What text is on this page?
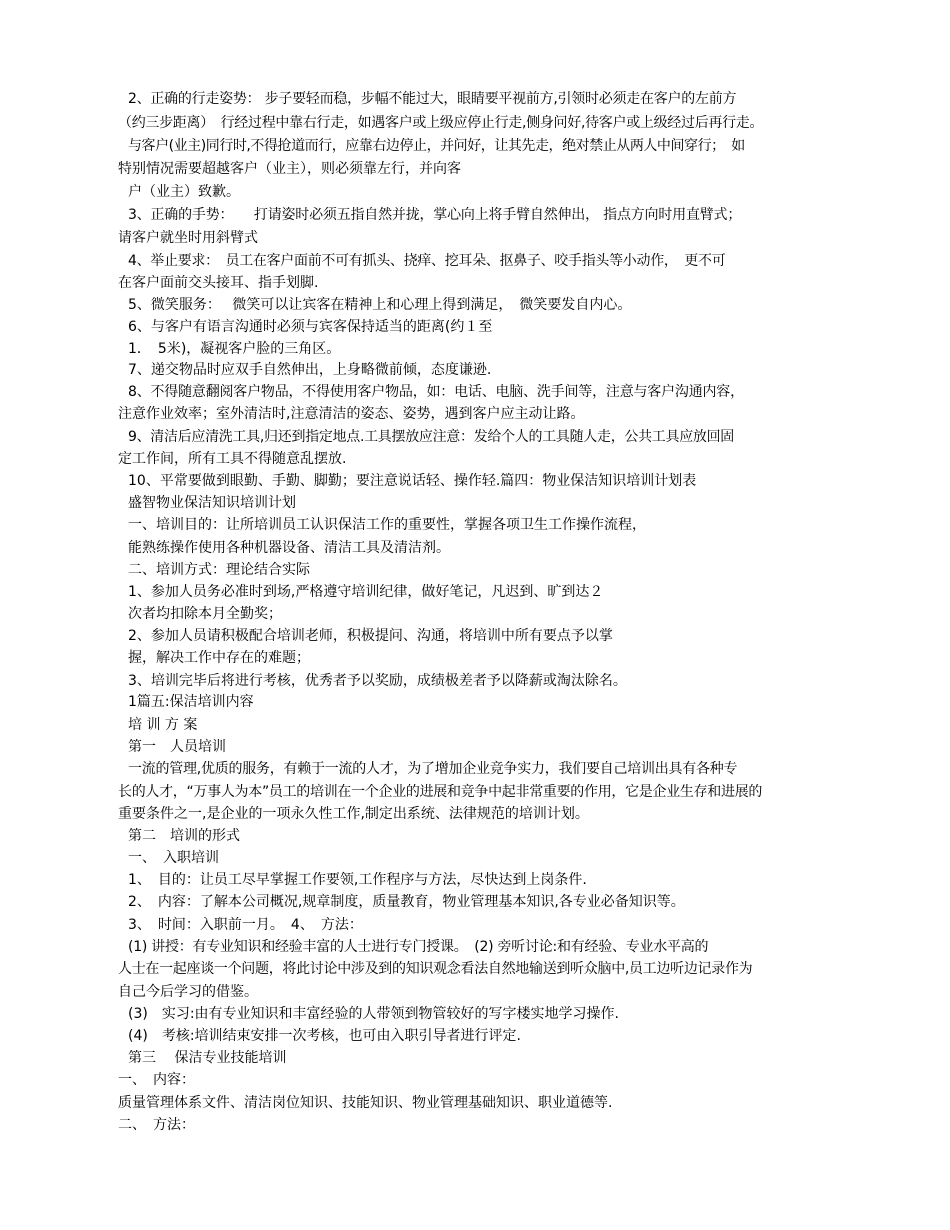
2、正确的行走姿势： 步子要轻而稳，步幅不能过大，眼睛要平视前方,引领时必须走在客户的左前方
（约三步距离）　行经过程中靠右行走，如遇客户或上级应停止行走,侧身问好,待客户或上级经过后再行走。
与客户(业主)同行时,不得抢道而行，应靠右边停止，并问好，让其先走，绝对禁止从两人中间穿行；　如
特别情况需要超越客户（业主），则必须靠左行，并向客
户（业主）致歉。
3、正确的手势：　　打请姿时必须五指自然并拢，掌心向上将手臂自然伸出， 指点方向时用直臂式；
请客户就坐时用斜臂式
4、举止要求：　员工在客户面前不可有抓头、挠痒、挖耳朵、抠鼻子、咬手指头等小动作，　更不可
在客户面前交头接耳、指手划脚.
5、微笑服务：　 微笑可以让宾客在精神上和心理上得到满足，　微笑要发自内心。
6、与客户有语言沟通时必须与宾客保持适当的距离(约１至
1．　5米)，凝视客户脸的三角区。
7、递交物品时应双手自然伸出，上身略微前倾，态度谦逊.
8、不得随意翻阅客户物品，不得使用客户物品，如：电话、电脑、洗手间等，注意与客户沟通内容，
注意作业效率；室外清洁时,注意清洁的姿态、姿势，遇到客户应主动让路。
9、清洁后应清洗工具,归还到指定地点.工具摆放应注意：发给个人的工具随人走，公共工具应放回固
定工作间，所有工具不得随意乱摆放.
10、平常要做到眼勤、手勤、脚勤；要注意说话轻、操作轻.篇四：物业保洁知识培训计划表
盛智物业保洁知识培训计划
一、培训目的：让所培训员工认识保洁工作的重要性，掌握各项卫生工作操作流程，
能熟练操作使用各种机器设备、清洁工具及清洁剂。
二、培训方式：理论结合实际
1、参加人员务必准时到场,严格遵守培训纪律，做好笔记，凡迟到、旷到达２
次者均扣除本月全勤奖；
2、参加人员请积极配合培训老师，积极提问、沟通，将培训中所有要点予以掌
握，解决工作中存在的难题；
3、培训完毕后将进行考核，优秀者予以奖励，成绩极差者予以降薪或淘汰除名。
1篇五:保洁培训内容
培 训 方 案
第一　人员培训
一流的管理,优质的服务，有赖于一流的人才，为了增加企业竞争实力，我们要自己培训出具有各种专
长的人才，“万事人为本”员工的培训在一个企业的进展和竞争中起非常重要的作用，它是企业生存和进展的
重要条件之一,是企业的一项永久性工作,制定出系统、法律规范的培训计划。
第二　培训的形式
一、　入职培训
1、　目的：让员工尽早掌握工作要领,工作程序与方法，尽快达到上岗条件.
2、　内容：了解本公司概况,规章制度，质量教育，物业管理基本知识,各专业必备知识等。
3、　时间：入职前一月。　4、　方法：
(1) 讲授：有专业知识和经验丰富的人士进行专门授课。　(2) 旁听讨论:和有经验、专业水平高的
人士在一起座谈一个问题，将此讨论中涉及到的知识观念看法自然地输送到听众脑中,员工边听边记录作为
自己今后学习的借鉴。
(3)　实习:由有专业知识和丰富经验的人带领到物管较好的写字楼实地学习操作.
(4)　考核:培训结束安排一次考核，也可由入职引导者进行评定.
第三　 保洁专业技能培训
一、　内容：
质量管理体系文件、清洁岗位知识、技能知识、物业管理基础知识、职业道德等.
二、　方法：
